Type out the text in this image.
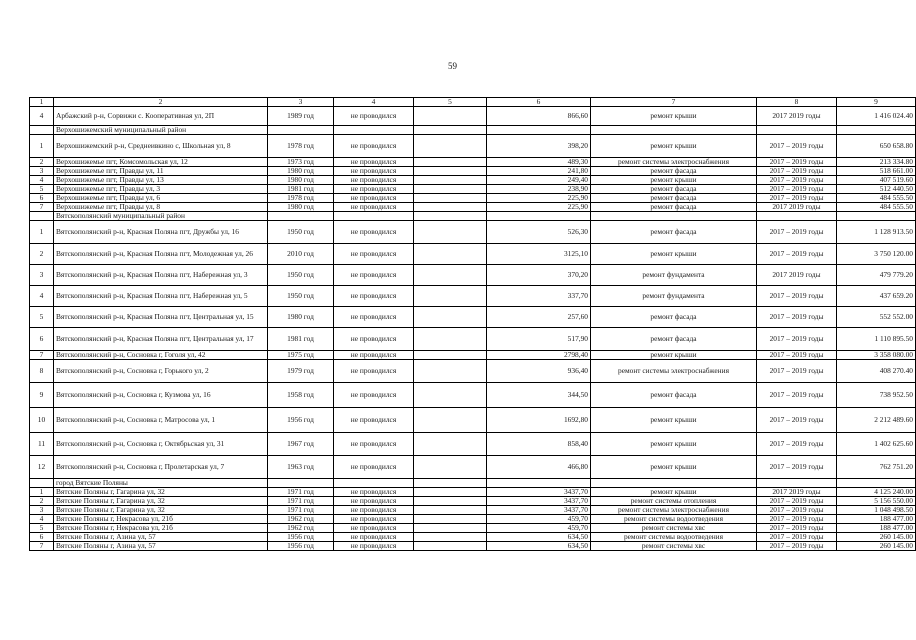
59
1	2	3	4	5	6	7	8	9
4	Арбажский р-н, Сорвижи с. Кооперативная ул, 2П	1989 год	не проводился		866,60	ремонт крыши	2017 2019 годы	1 416 024.40
	Верхошижемский муниципальный район							
1	Верхошижемский р-н, Среднеивкино с, Школьная ул, 8	1978 год	не проводился		398,20	ремонт крыши	2017 – 2019 годы	650 658.80
2	Верхошижемье пгт, Комсомольская ул, 12	1973 год	не проводился		489,30	ремонт системы электроснабжения	2017 – 2019 годы	213 334.80
3	Верхошижемье пгт, Правды ул, 11	1980 год	не проводился		241,80	ремонт фасада	2017 – 2019 годы	518 661.00
4	Верхошижемье пгт, Правды ул, 13	1980 год	не проводился		249,40	ремонт крыши	2017 – 2019 годы	407 519.60
5	Верхошижемье пгт, Правды ул, 3	1981 год	не проводился		238,90	ремонт фасада	2017 – 2019 годы	512 440.50
6	Верхошижемье пгт, Правды ул, 6	1978 год	не проводился		225,90	ремонт фасада	2017 – 2019 годы	484 555.50
7	Верхошижемье пгт, Правды ул, 8	1980 год	не проводился		225,90	ремонт фасада	2017 2019 годы	484 555.50
	Вятскополянский муниципальный район							
1	Вятскополянский р-н, Красная Поляна пгт, Дружбы ул, 16	1950 год	не проводился		526,30	ремонт фасада	2017 – 2019 годы	1 128 913.50
2	Вятскополянский р-н, Красная Поляна пгт, Молодежная ул, 26	2010 год	не проводился		3125,10	ремонт крыши	2017 – 2019 годы	3 750 120.00
3	Вятскополянский р-н, Красная Поляна пгт, Набережная ул, 3	1950 год	не проводился		370,20	ремонт фундамента	2017 2019 годы	479 779.20
4	Вятскополянский р-н, Красная Поляна пгт, Набережная ул, 5	1950 год	не проводился		337,70	ремонт фундамента	2017 – 2019 годы	437 659.20
5	Вятскополянский р-н, Красная Поляна пгт, Центральная ул, 15	1980 год	не проводился		257,60	ремонт фасада	2017 – 2019 годы	552 552.00
6	Вятскополянский р-н, Красная Поляна пгт, Центральная ул, 17	1981 год	не проводился		517,90	ремонт фасада	2017 – 2019 годы	1 110 895.50
7	Вятскополянский р-н, Сосновка г, Гоголя ул, 42	1975 год	не проводился		2798,40	ремонт крыши	2017 – 2019 годы	3 358 080.00
8	Вятскополянский р-н, Сосновка г, Горького ул, 2	1979 год	не проводился		936,40	ремонт системы электроснабжения	2017 – 2019 годы	408 270.40
9	Вятскополянский р-н, Сосновка г, Кузмова ул, 16	1958 год	не проводился		344,50	ремонт фасада	2017 – 2019 годы	738 952.50
10	Вятскополянский р-н, Сосновка г, Матросова ул, 1	1956 год	не проводился		1692,80	ремонт крыши	2017 – 2019 годы	2 212 489.60
11	Вятскополянский р-н, Сосновка г, Октябрьская ул, 31	1967 год	не проводился		858,40	ремонт крыши	2017 – 2019 годы	1 402 625.60
12	Вятскополянский р-н, Сосновка г, Пролетарская ул, 7	1963 год	не проводился		466,80	ремонт крыши	2017 – 2019 годы	762 751.20
	город Вятские Поляны							
1	Вятские Поляны г, Гагарина ул, 32	1971 год	не проводился		3437,70	ремонт крыши	2017 2019 годы	4 125 240.00
2	Вятские Поляны г, Гагарина ул, 32	1971 год	не проводился		3437,70	ремонт системы отопления	2017 – 2019 годы	5 156 550.00
3	Вятские Поляны г, Гагарина ул, 32	1971 год	не проводился		3437,70	ремонт системы электроснабжения	2017 – 2019 годы	1 048 498.50
4	Вятские Поляны г, Некрасова ул, 21б	1962 год	не проводился		459,70	ремонт системы водоотведения	2017 – 2019 годы	188 477.00
5	Вятские Поляны г, Некрасова ул, 21б	1962 год	не проводился		459,70	ремонт системы хвс	2017 – 2019 годы	188 477.00
6	Вятские Поляны г, Азина ул, 57	1956 год	не проводился		634,50	ремонт системы водоотведения	2017 – 2019 годы	260 145.00
7	Вятские Поляны г, Азина ул, 57	1956 год	не проводился		634,50	ремонт системы хвс	2017 – 2019 годы	260 145.00
